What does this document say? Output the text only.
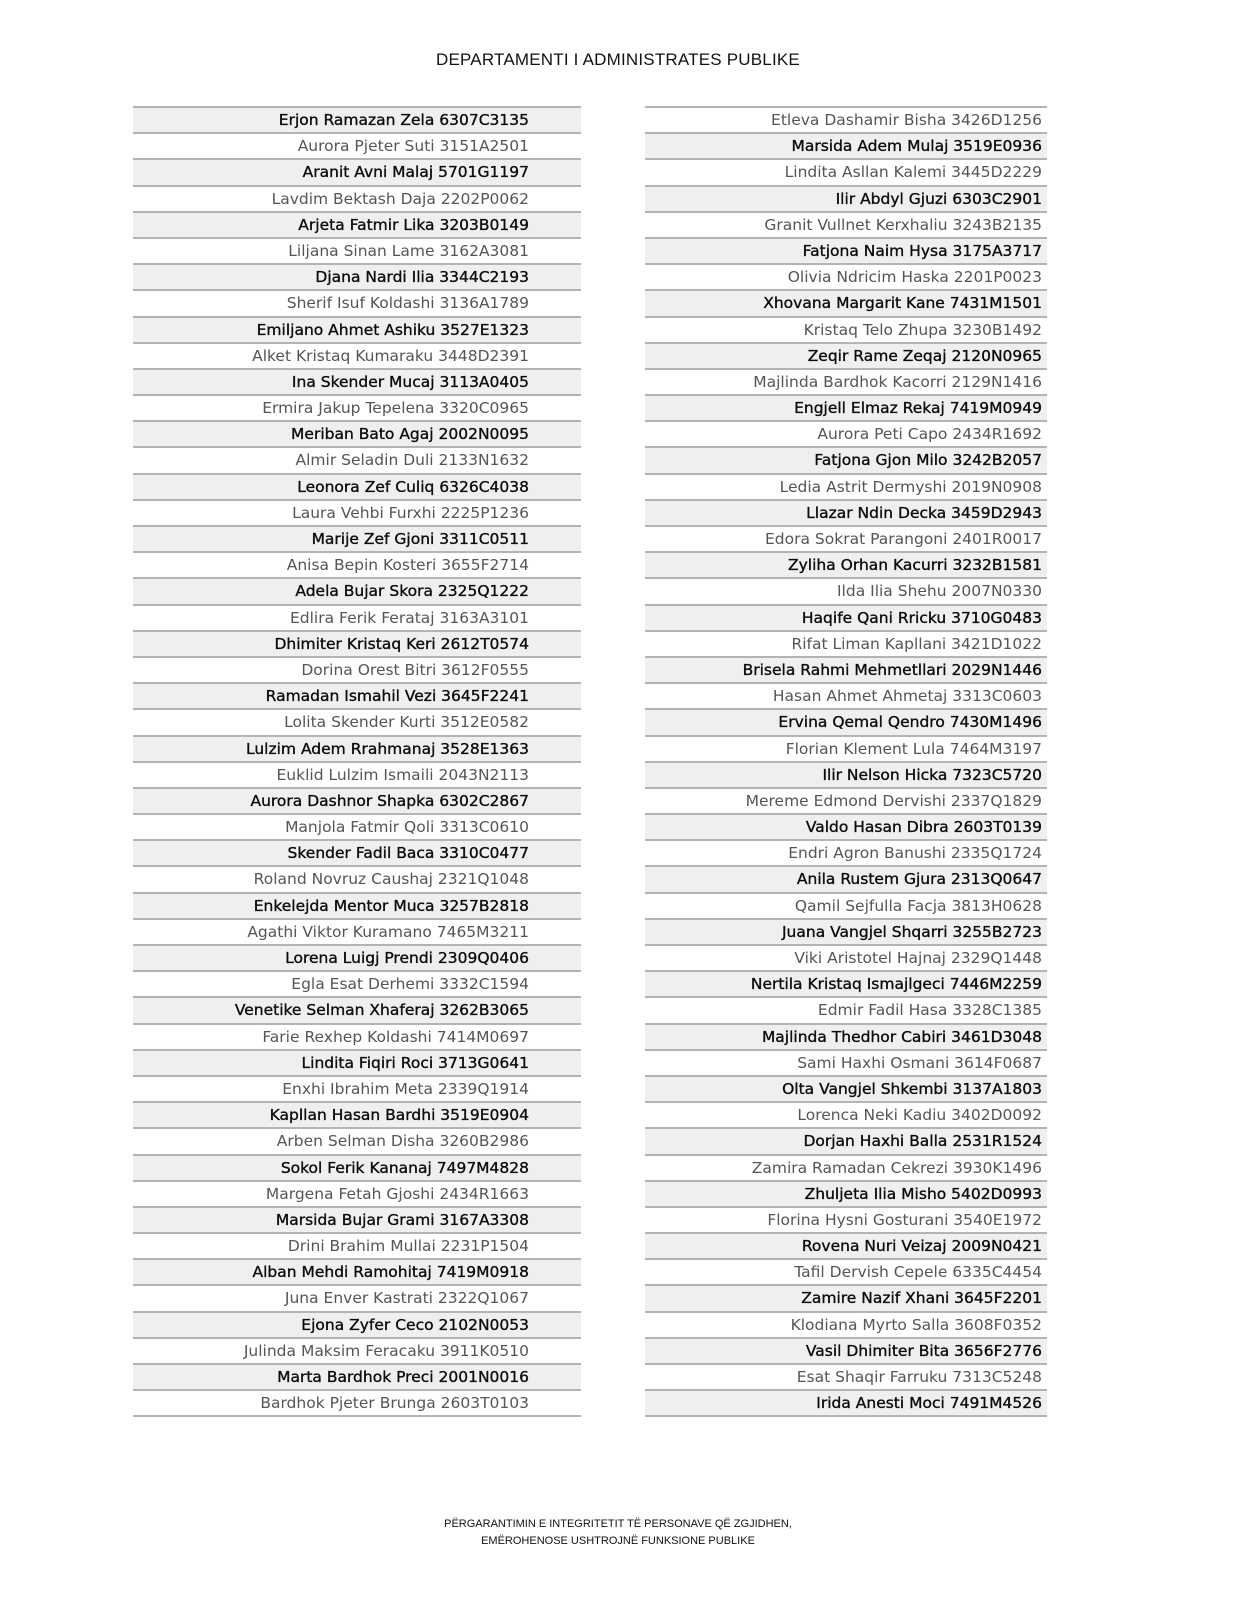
DEPARTAMENTI I ADMINISTRATES PUBLIKE
Erjon Ramazan Zela 6307C3135
Aurora Pjeter Suti 3151A2501
Aranit Avni Malaj 5701G1197
Lavdim Bektash Daja 2202P0062
Arjeta Fatmir Lika 3203B0149
Liljana Sinan Lame 3162A3081
Djana Nardi Ilia 3344C2193
Sherif Isuf Koldashi 3136A1789
Emiljano Ahmet Ashiku 3527E1323
Alket Kristaq Kumaraku 3448D2391
Ina Skender Mucaj 3113A0405
Ermira Jakup Tepelena 3320C0965
Meriban Bato Agaj 2002N0095
Almir Seladin Duli 2133N1632
Leonora Zef Culiq 6326C4038
Laura Vehbi Furxhi 2225P1236
Marije Zef Gjoni 3311C0511
Anisa Bepin Kosteri 3655F2714
Adela Bujar Skora 2325Q1222
Edlira Ferik Ferataj 3163A3101
Dhimiter Kristaq Keri 2612T0574
Dorina Orest Bitri 3612F0555
Ramadan Ismahil Vezi 3645F2241
Lolita Skender Kurti 3512E0582
Lulzim Adem Rrahmanaj 3528E1363
Euklid Lulzim Ismaili 2043N2113
Aurora Dashnor Shapka 6302C2867
Manjola Fatmir Qoli 3313C0610
Skender Fadil Baca 3310C0477
Roland Novruz Caushaj 2321Q1048
Enkelejda Mentor Muca 3257B2818
Agathi Viktor Kuramano 7465M3211
Lorena Luigj Prendi 2309Q0406
Egla Esat Derhemi 3332C1594
Venetike Selman Xhaferaj 3262B3065
Farie Rexhep Koldashi 7414M0697
Lindita Fiqiri Roci 3713G0641
Enxhi Ibrahim Meta 2339Q1914
Kapllan Hasan Bardhi 3519E0904
Arben Selman Disha 3260B2986
Sokol Ferik Kananaj 7497M4828
Margena Fetah Gjoshi 2434R1663
Marsida Bujar Grami 3167A3308
Drini Brahim Mullai 2231P1504
Alban Mehdi Ramohitaj 7419M0918
Juna Enver Kastrati 2322Q1067
Ejona Zyfer Ceco 2102N0053
Julinda Maksim Feracaku 3911K0510
Marta Bardhok Preci 2001N0016
Bardhok Pjeter Brunga 2603T0103
Etleva Dashamir Bisha 3426D1256
Marsida Adem Mulaj 3519E0936
Lindita Asllan Kalemi 3445D2229
Ilir Abdyl Gjuzi 6303C2901
Granit Vullnet Kerxhaliu 3243B2135
Fatjona Naim Hysa 3175A3717
Olivia Ndricim Haska 2201P0023
Xhovana Margarit Kane 7431M1501
Kristaq Telo Zhupa 3230B1492
Zeqir Rame Zeqaj 2120N0965
Majlinda Bardhok Kacorri 2129N1416
Engjell Elmaz Rekaj 7419M0949
Aurora Peti Capo 2434R1692
Fatjona Gjon Milo 3242B2057
Ledia Astrit Dermyshi 2019N0908
Llazar Ndin Decka 3459D2943
Edora Sokrat Parangoni 2401R0017
Zyliha Orhan Kacurri 3232B1581
Ilda Ilia Shehu 2007N0330
Haqife Qani Rricku 3710G0483
Rifat Liman Kapllani 3421D1022
Brisela Rahmi Mehmetllari 2029N1446
Hasan Ahmet Ahmetaj 3313C0603
Ervina Qemal Qendro 7430M1496
Florian Klement Lula 7464M3197
Ilir Nelson Hicka 7323C5720
Mereme Edmond Dervishi 2337Q1829
Valdo Hasan Dibra 2603T0139
Endri Agron Banushi 2335Q1724
Anila Rustem Gjura 2313Q0647
Qamil Sejfulla Facja 3813H0628
Juana Vangjel Shqarri 3255B2723
Viki Aristotel Hajnaj 2329Q1448
Nertila Kristaq Ismajlgeci 7446M2259
Edmir Fadil Hasa 3328C1385
Majlinda Thedhor Cabiri 3461D3048
Sami Haxhi Osmani 3614F0687
Olta Vangjel Shkembi 3137A1803
Lorenca Neki Kadiu 3402D0092
Dorjan Haxhi Balla 2531R1524
Zamira Ramadan Cekrezi 3930K1496
Zhuljeta Ilia Misho 5402D0993
Florina Hysni Gosturani 3540E1972
Rovena Nuri Veizaj 2009N0421
Tafil Dervish Cepele 6335C4454
Zamire Nazif Xhani 3645F2201
Klodiana Myrto Salla 3608F0352
Vasil Dhimiter Bita 3656F2776
Esat Shaqir Farruku 7313C5248
Irida Anesti Moci 7491M4526
PËRGARANTIMIN E INTEGRITETIT TË PERSONAVE QË ZGJIDHEN,
EMËROHENOSE USHTROJNË FUNKSIONE PUBLIKE
